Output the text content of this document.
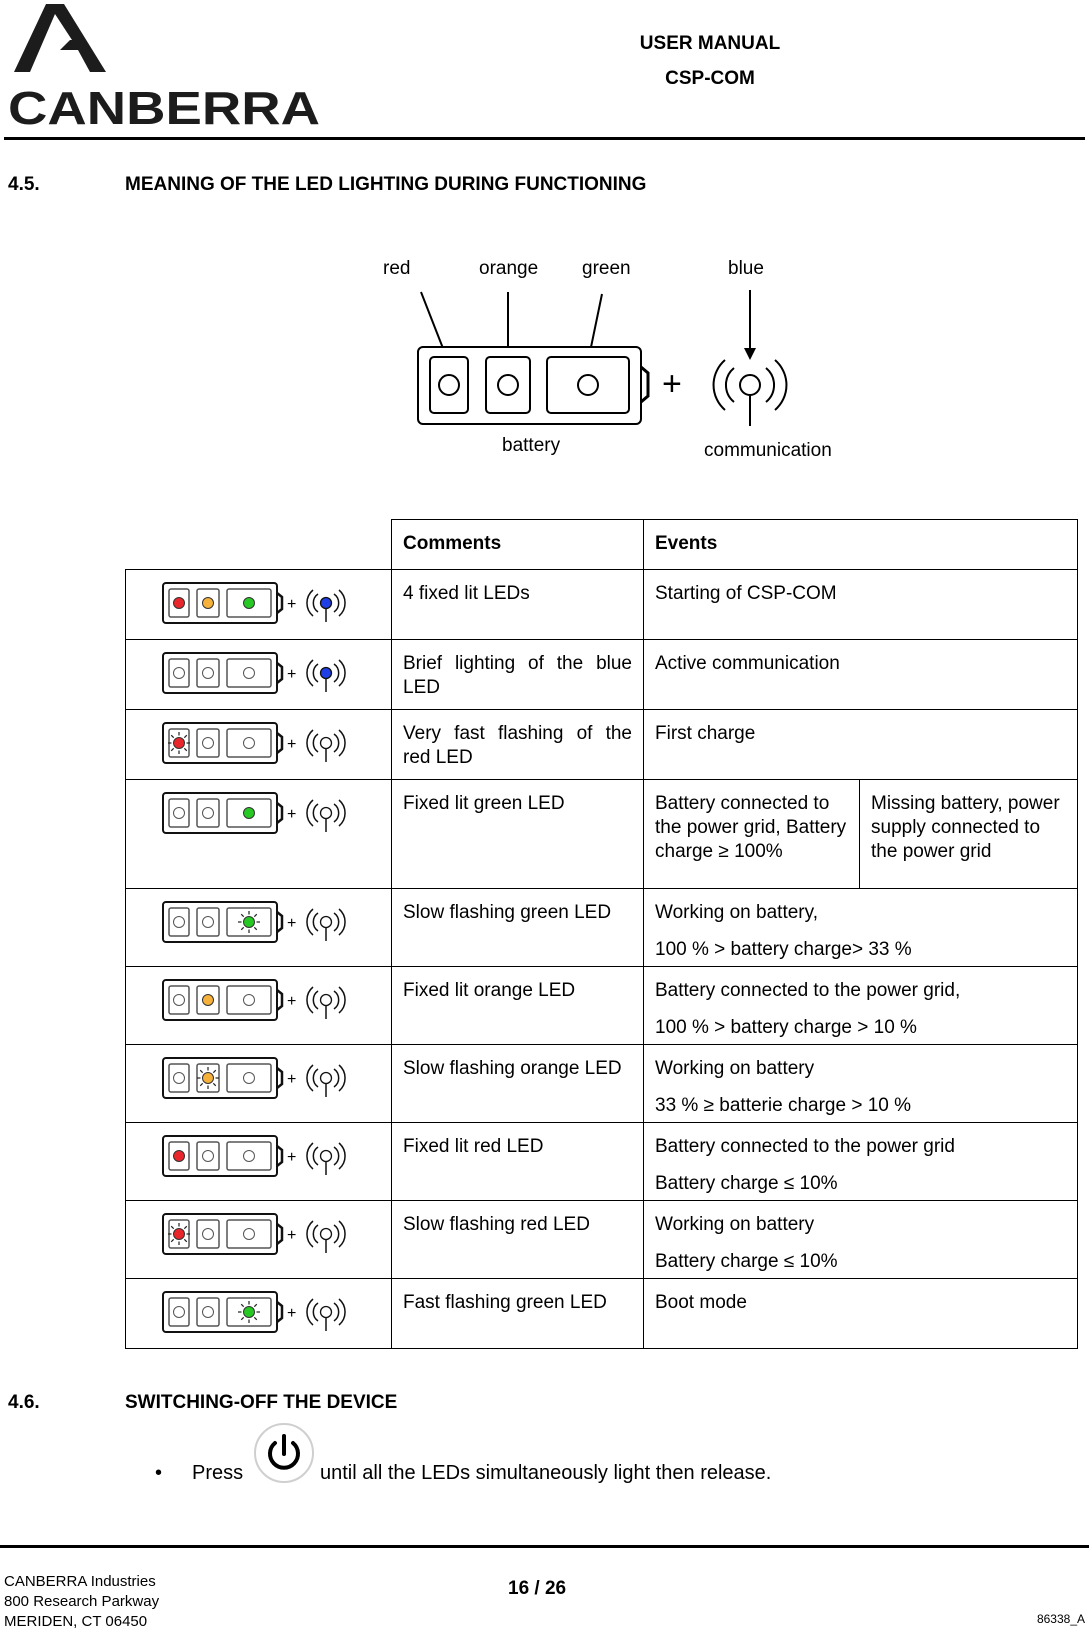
CANBERRA
USER MANUAL
CSP-COM
4.5.	MEANING OF THE LED LIGHTING DURING FUNCTIONING
red	orange green	blue
+
battery	communication
	Comments	Events	

+	4 fixed lit LEDs	Starting of CSP-COM	

+	Brief lighting of the blue LED	Active communication	

+	Very fast flashing of the red LED	First charge	

+	Fixed lit green LED	Battery connected to the power grid, Battery charge ≥ 100%	Missing battery, power supply connected to the power grid

+	Slow flashing green LED	Working on battery,

100 % > battery charge> 33 %	

+	Fixed lit orange LED	Battery connected to the power grid,

100 % > battery charge > 10 %	

+	Slow flashing orange LED	Working on battery

33 % ≥ batterie charge > 10 %	

+	Fixed lit red LED	Battery connected to the power grid

Battery charge ≤ 10%	

+	Slow flashing red LED	Working on battery

Battery charge ≤ 10%	

+	Fast flashing green LED	Boot mode	

4.6.	SWITCHING-OFF THE DEVICE
• Press	until all the LEDs simultaneously light then release.
CANBERRA Industries
800 Research Parkway
MERIDEN, CT 06450
16 / 26
86338_A
